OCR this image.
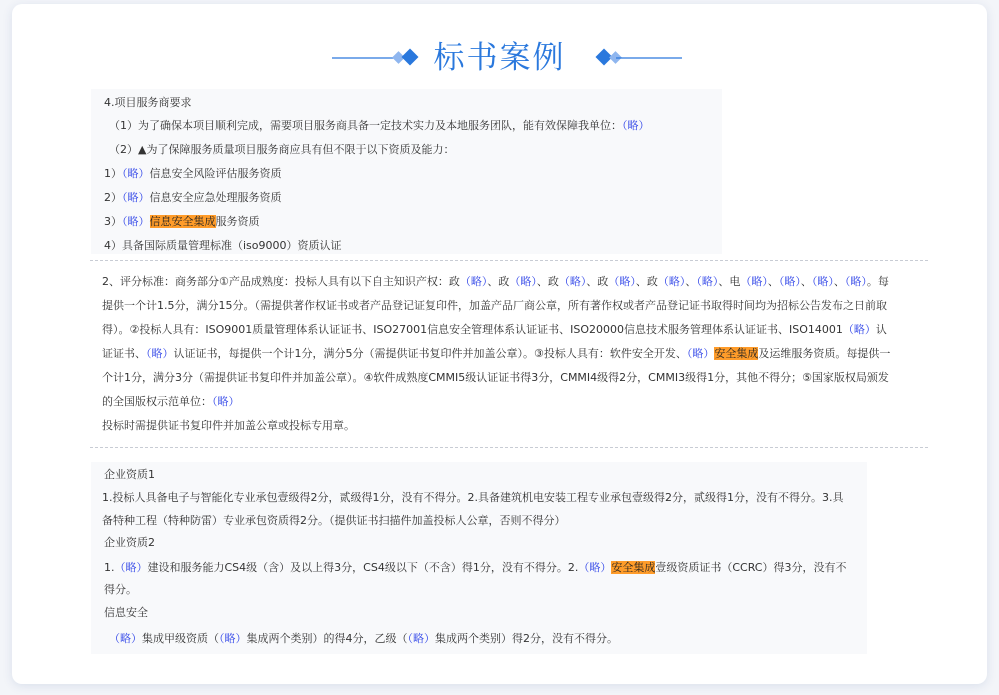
标书案例
4.项目服务商要求
（1）为了确保本项目顺利完成，需要项目服务商具备一定技术实力及本地服务团队，能有效保障我单位：（略）
（2）▲为了保障服务质量项目服务商应具有但不限于以下资质及能力：
1）（略）信息安全风险评估服务资质
2）（略）信息安全应急处理服务资质
3）（略）信息安全集成服务资质
4）具备国际质量管理标准（iso9000）资质认证

2、评分标准：商务部分①产品成熟度：投标人具有以下自主知识产权：政（略）、政（略）、政（略）、政（略）、政（略）、（略）、电（略）、（略）、（略）、（略）。每提供一个计1.5分，满分15分。（需提供著作权证书或者产品登记证复印件，加盖产品厂商公章，所有著作权或者产品登记证书取得时间均为招标公告发布之日前取得）。②投标人具有：ISO9001质量管理体系认证证书、ISO27001信息安全管理体系认证证书、ISO20000信息技术服务管理体系认证证书、ISO14001（略）认证证书、（略）认证证书，每提供一个计1分，满分5分（需提供证书复印件并加盖公章）。③投标人具有：软件安全开发、（略）安全集成及运维服务资质。每提供一个计1分，满分3分（需提供证书复印件并加盖公章）。④软件成熟度CMMI5级认证证书得3分，CMMI4级得2分，CMMI3级得1分，其他不得分；⑤国家版权局颁发的全国版权示范单位：（略）
投标时需提供证书复印件并加盖公章或投标专用章。

企业资质1
1.投标人具备电子与智能化专业承包壹级得2分，贰级得1分，没有不得分。2.具备建筑机电安装工程专业承包壹级得2分，贰级得1分，没有不得分。3.具
备特种工程（特种防雷）专业承包资质得2分。（提供证书扫描件加盖投标人公章，否则不得分）
企业资质2
1.（略）建设和服务能力CS4级（含）及以上得3分，CS4级以下（不含）得1分，没有不得分。2.（略）安全集成壹级资质证书（CCRC）得3分，没有不
得分。
信息安全
（略）集成甲级资质（（略）集成两个类别）的得4分，乙级（（略）集成两个类别）得2分，没有不得分。
